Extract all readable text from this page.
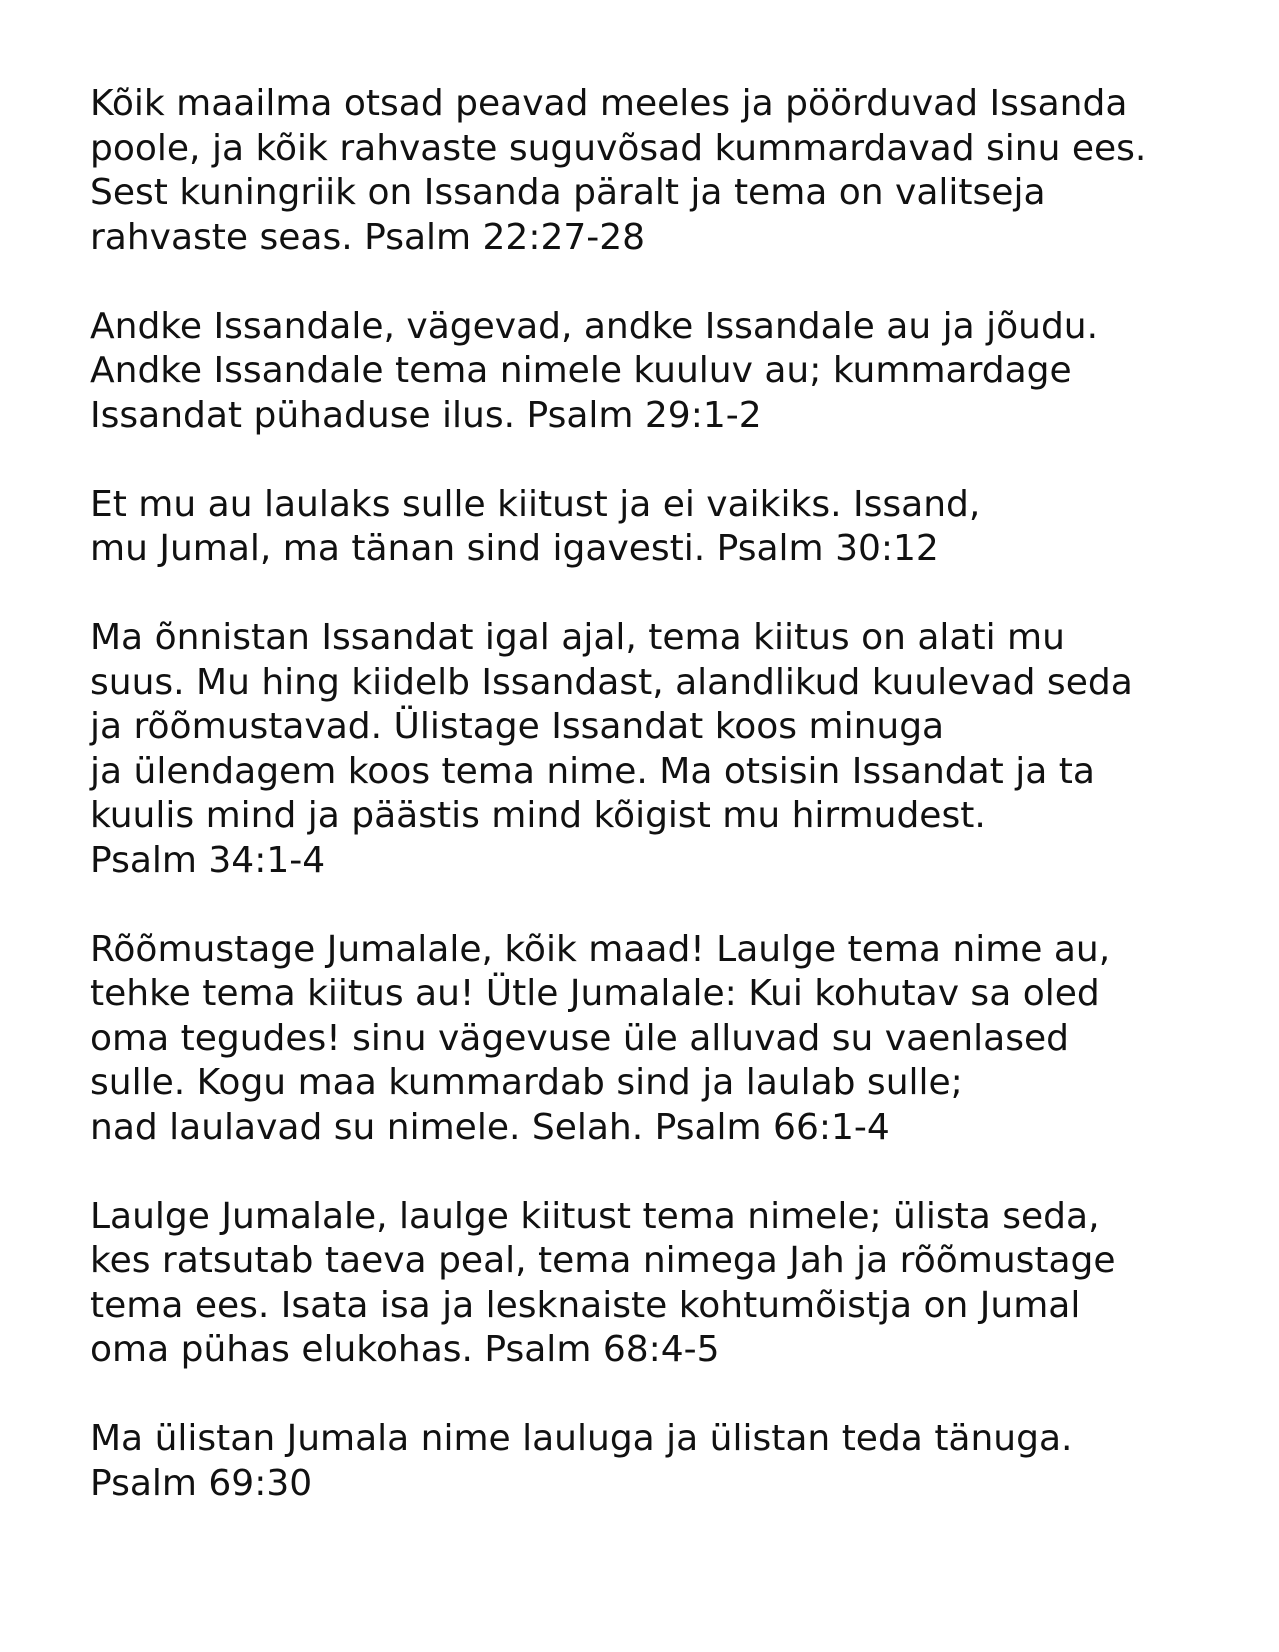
Kõik maailma otsad peavad meeles ja pöörduvad Issanda
poole, ja kõik rahvaste suguvõsad kummardavad sinu ees.
Sest kuningriik on Issanda päralt ja tema on valitseja
rahvaste seas. Psalm 22:27-28

Andke Issandale, vägevad, andke Issandale au ja jõudu.
Andke Issandale tema nimele kuuluv au; kummardage
Issandat pühaduse ilus. Psalm 29:1-2

Et mu au laulaks sulle kiitust ja ei vaikiks. Issand,
mu Jumal, ma tänan sind igavesti. Psalm 30:12

Ma õnnistan Issandat igal ajal, tema kiitus on alati mu
suus. Mu hing kiidelb Issandast, alandlikud kuulevad seda
ja rõõmustavad. Ülistage Issandat koos minuga
ja ülendagem koos tema nime. Ma otsisin Issandat ja ta
kuulis mind ja päästis mind kõigist mu hirmudest.
Psalm 34:1-4

Rõõmustage Jumalale, kõik maad! Laulge tema nime au,
tehke tema kiitus au! Ütle Jumalale: Kui kohutav sa oled
oma tegudes! sinu vägevuse üle alluvad su vaenlased
sulle. Kogu maa kummardab sind ja laulab sulle;
nad laulavad su nimele. Selah. Psalm 66:1-4

Laulge Jumalale, laulge kiitust tema nimele; ülista seda,
kes ratsutab taeva peal, tema nimega Jah ja rõõmustage
tema ees. Isata isa ja lesknaiste kohtumõistja on Jumal
oma pühas elukohas. Psalm 68:4-5

Ma ülistan Jumala nime lauluga ja ülistan teda tänuga.
Psalm 69:30
